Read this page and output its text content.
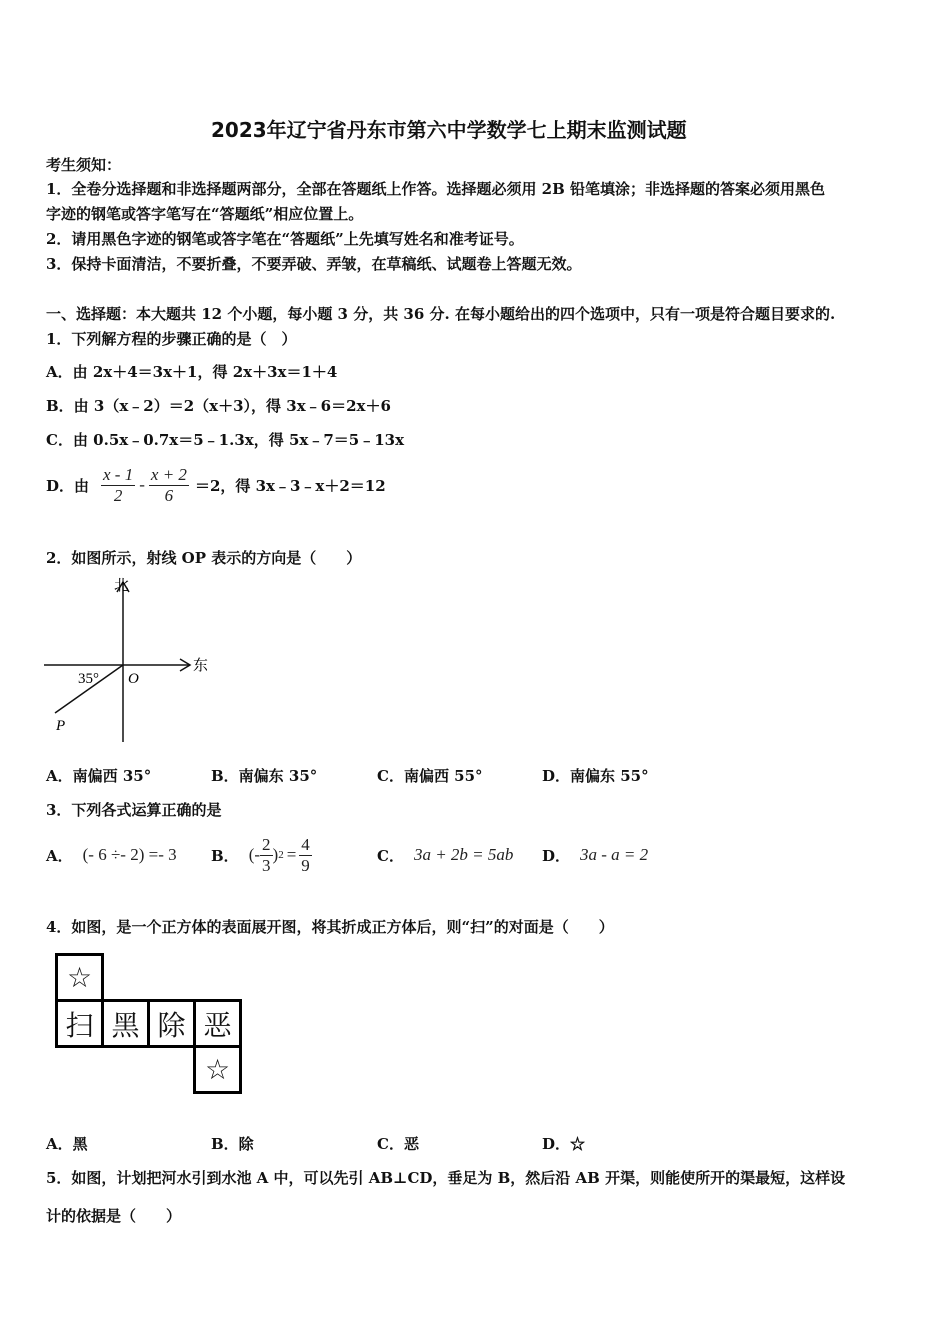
2023年辽宁省丹东市第六中学数学七上期末监测试题
考生须知：
1．全卷分选择题和非选择题两部分，全部在答题纸上作答。选择题必须用 2B 铅笔填涂；非选择题的答案必须用黑色
字迹的钢笔或答字笔写在“答题纸”相应位置上。
2．请用黑色字迹的钢笔或答字笔在“答题纸”上先填写姓名和准考证号。
3．保持卡面清洁，不要折叠，不要弄破、弄皱，在草稿纸、试题卷上答题无效。
一、选择题：本大题共 12 个小题，每小题 3 分，共 36 分. 在每小题给出的四个选项中，只有一项是符合题目要求的.
1．下列解方程的步骤正确的是（　）
A．由 2x＋4＝3x＋1，得 2x＋3x＝1＋4
B．由 3（x﹣2）＝2（x＋3），得 3x﹣6＝2x＋6
C．由 0.5x﹣0.7x＝5﹣1.3x，得 5x﹣7＝5﹣13x
D．由 $\frac{x - 1}{2} - \frac{x + 2}{6} =2$，得 3x﹣3﹣x＋2＝12
2．如图所示，射线 OP 表示的方向是（　　）
北
东
35° O
P
A．南偏西 35°	B．南偏东 35°	C．南偏西 55°	D．南偏东 55°
3．下列各式运算正确的是
A． (- 6 ÷- 2) =- 3 B． (- $\frac{2}{3}$ ) $2 = \frac{4}{9}$	C． 3a + 2b = 5ab D． 3a - a = 2
4．如图，是一个正方体的表面展开图，将其折成正方体后，则“扫”的对面是（　　）
☆
扫 黑 除 恶
☆
A．黑	B．除	C．恶	D．☆
5．如图，计划把河水引到水池 A 中，可以先引 AB⊥CD，垂足为 B，然后沿 AB 开渠，则能使所开的渠最短，这样设
计的依据是（　　）
